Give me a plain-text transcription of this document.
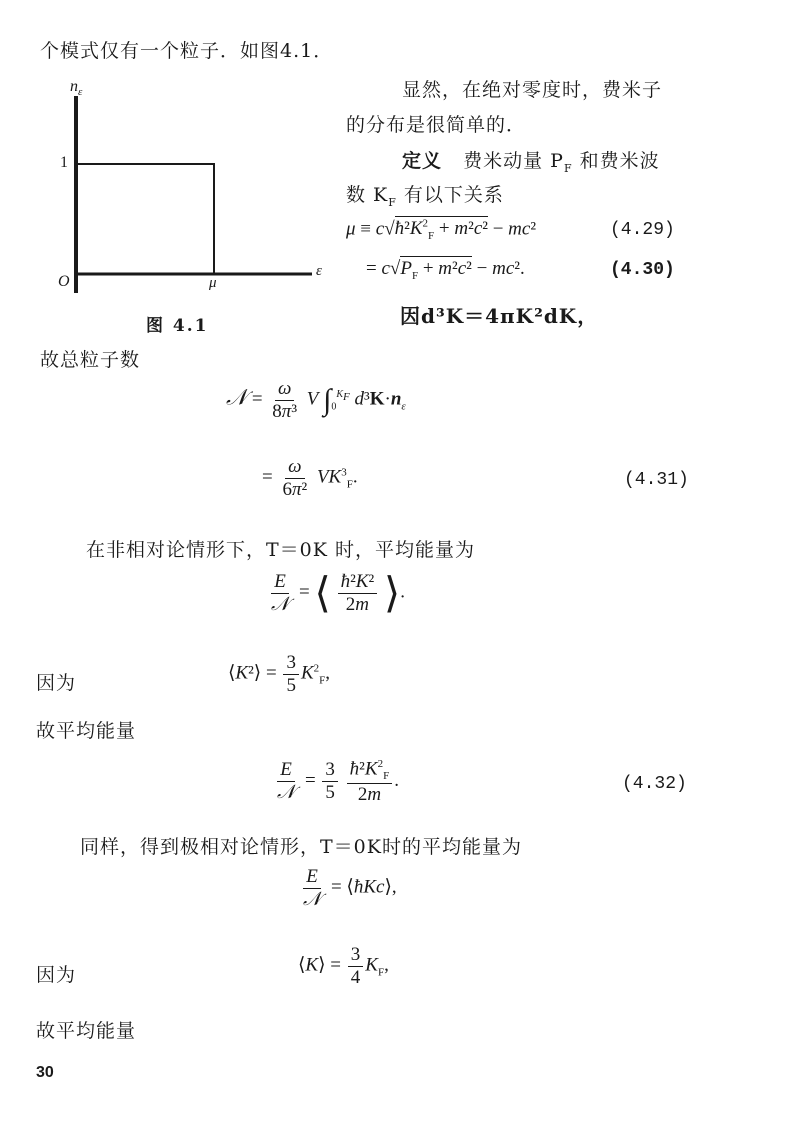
个模式仅有一个粒子．如图4.1．
$n_\varepsilon$
1
O	μ
ε
图 4.1
显然，在绝对零度时，费米子
的分布是很简单的．
定义 费米动量 $P_F$ 和费米波
数 $K_F$ 有以下关系
$\mu \equiv c√ħ^2K^2_F + m^2c^2 - mc^2$	(4.29)
= $c√P_F + m^2c^2 - mc^2$.	(4.30)
因d³K＝4πK²dK，
故总粒子数
𝒩 = $\frac{\omega}{\text{8π³}}$ V $\int_0^{K_F}$ $d^3K\cdot n_\varepsilon$
= $\frac{\omega}{\text{6π²}} VK^3_F$.	(4.31)
在非相对论情形下，T＝0K 时，平均能量为
$\frac{E}{\text{𝒩}}$ = ⟨ $\frac{\text{ħ²K²}}{2m}$ ⟩.
因为	⟨K²⟩ = $\frac{3}{5} K^2_F$,
故平均能量
$\frac{E}{\text{𝒩}} = \frac{3}{5}$
$\frac{ħ^2K^2_F}{2m}$ .	(4.32)
同样，得到极相对论情形，T＝0K时的平均能量为
$\frac{E}{\text{𝒩}}$ = ⟨ħKc⟩,
因为	⟨K⟩ = $\frac{3}{4} K_F$,
故平均能量
30
